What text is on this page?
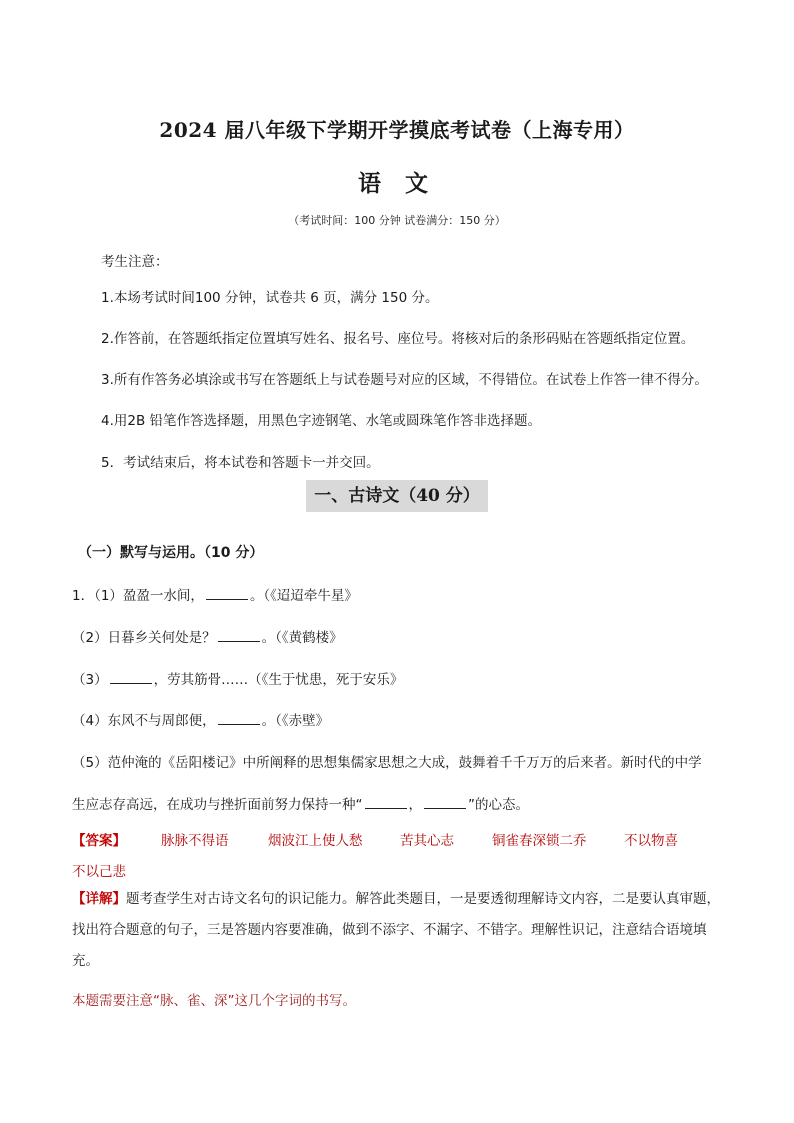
2024 届八年级下学期开学摸底考试卷（上海专用）
语 文
（考试时间：100 分钟 试卷满分：150 分）
考生注意：
1.本场考试时间100 分钟，试卷共 6 页，满分 150 分。
2.作答前，在答题纸指定位置填写姓名、报名号、座位号。将核对后的条形码贴在答题纸指定位置。
3.所有作答务必填涂或书写在答题纸上与试卷题号对应的区域，不得错位。在试卷上作答一律不得分。
4.用2B 铅笔作答选择题，用黑色字迹钢笔、水笔或圆珠笔作答非选择题。
5．考试结束后，将本试卷和答题卡一并交回。
一、古诗文（40 分）
（一）默写与运用。（10 分）
1．（1）盈盈一水间，	。（《迢迢牵牛星》
（2）日暮乡关何处是？	。（《黄鹤楼》
（3）	，劳其筋骨……（《生于忧患，死于安乐》
（4）东风不与周郎便，	。（《赤壁》
（5）范仲淹的《岳阳楼记》中所阐释的思想集儒家思想之大成，鼓舞着千千万万的后来者。新时代的中学
生应志存高远，在成功与挫折面前努力保持一种“	，	”的心态。
【答案】	脉脉不得语	烟波江上使人愁	苦其心志	铜雀春深锁二乔	不以物喜
不以己悲
【详解】题考查学生对古诗文名句的识记能力。解答此类题目，一是要透彻理解诗文内容，二是要认真审题，找出符合题意的句子，三是答题内容要准确，做到不添字、不漏字、不错字。理解性识记，注意结合语境填充。
本题需要注意“脉、雀、深”这几个字词的书写。
